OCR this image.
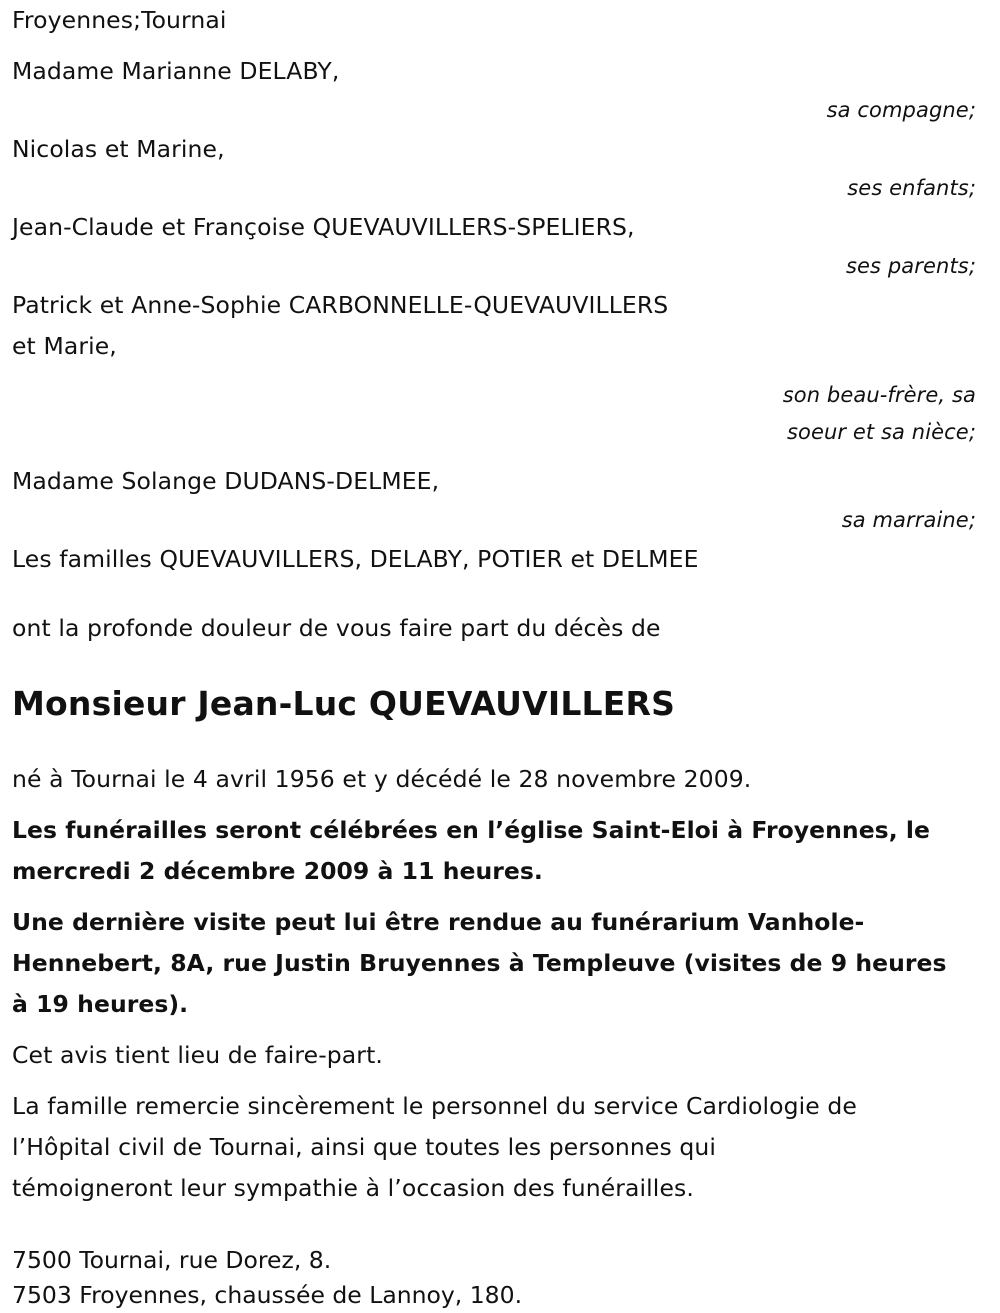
Froyennes;Tournai
Madame Marianne DELABY,
sa compagne;
Nicolas et Marine,
ses enfants;
Jean-Claude et Françoise QUEVAUVILLERS-SPELIERS,
ses parents;
Patrick et Anne-Sophie CARBONNELLE-QUEVAUVILLERS
et Marie,
son beau-frère, sa
soeur et sa nièce;
Madame Solange DUDANS-DELMEE,
sa marraine;
Les familles QUEVAUVILLERS, DELABY, POTIER et DELMEE
ont la profonde douleur de vous faire part du décès de
Monsieur Jean-Luc QUEVAUVILLERS
né à Tournai le 4 avril 1956 et y décédé le 28 novembre 2009.
Les funérailles seront célébrées en l’église Saint-Eloi à Froyennes, le
mercredi 2 décembre 2009 à 11 heures.
Une dernière visite peut lui être rendue au funérarium Vanhole-
Hennebert, 8A, rue Justin Bruyennes à Templeuve (visites de 9 heures
à 19 heures).
Cet avis tient lieu de faire-part.
La famille remercie sincèrement le personnel du service Cardiologie de
l’Hôpital civil de Tournai, ainsi que toutes les personnes qui
témoigneront leur sympathie à l’occasion des funérailles.
7500 Tournai, rue Dorez, 8.
7503 Froyennes, chaussée de Lannoy, 180.
